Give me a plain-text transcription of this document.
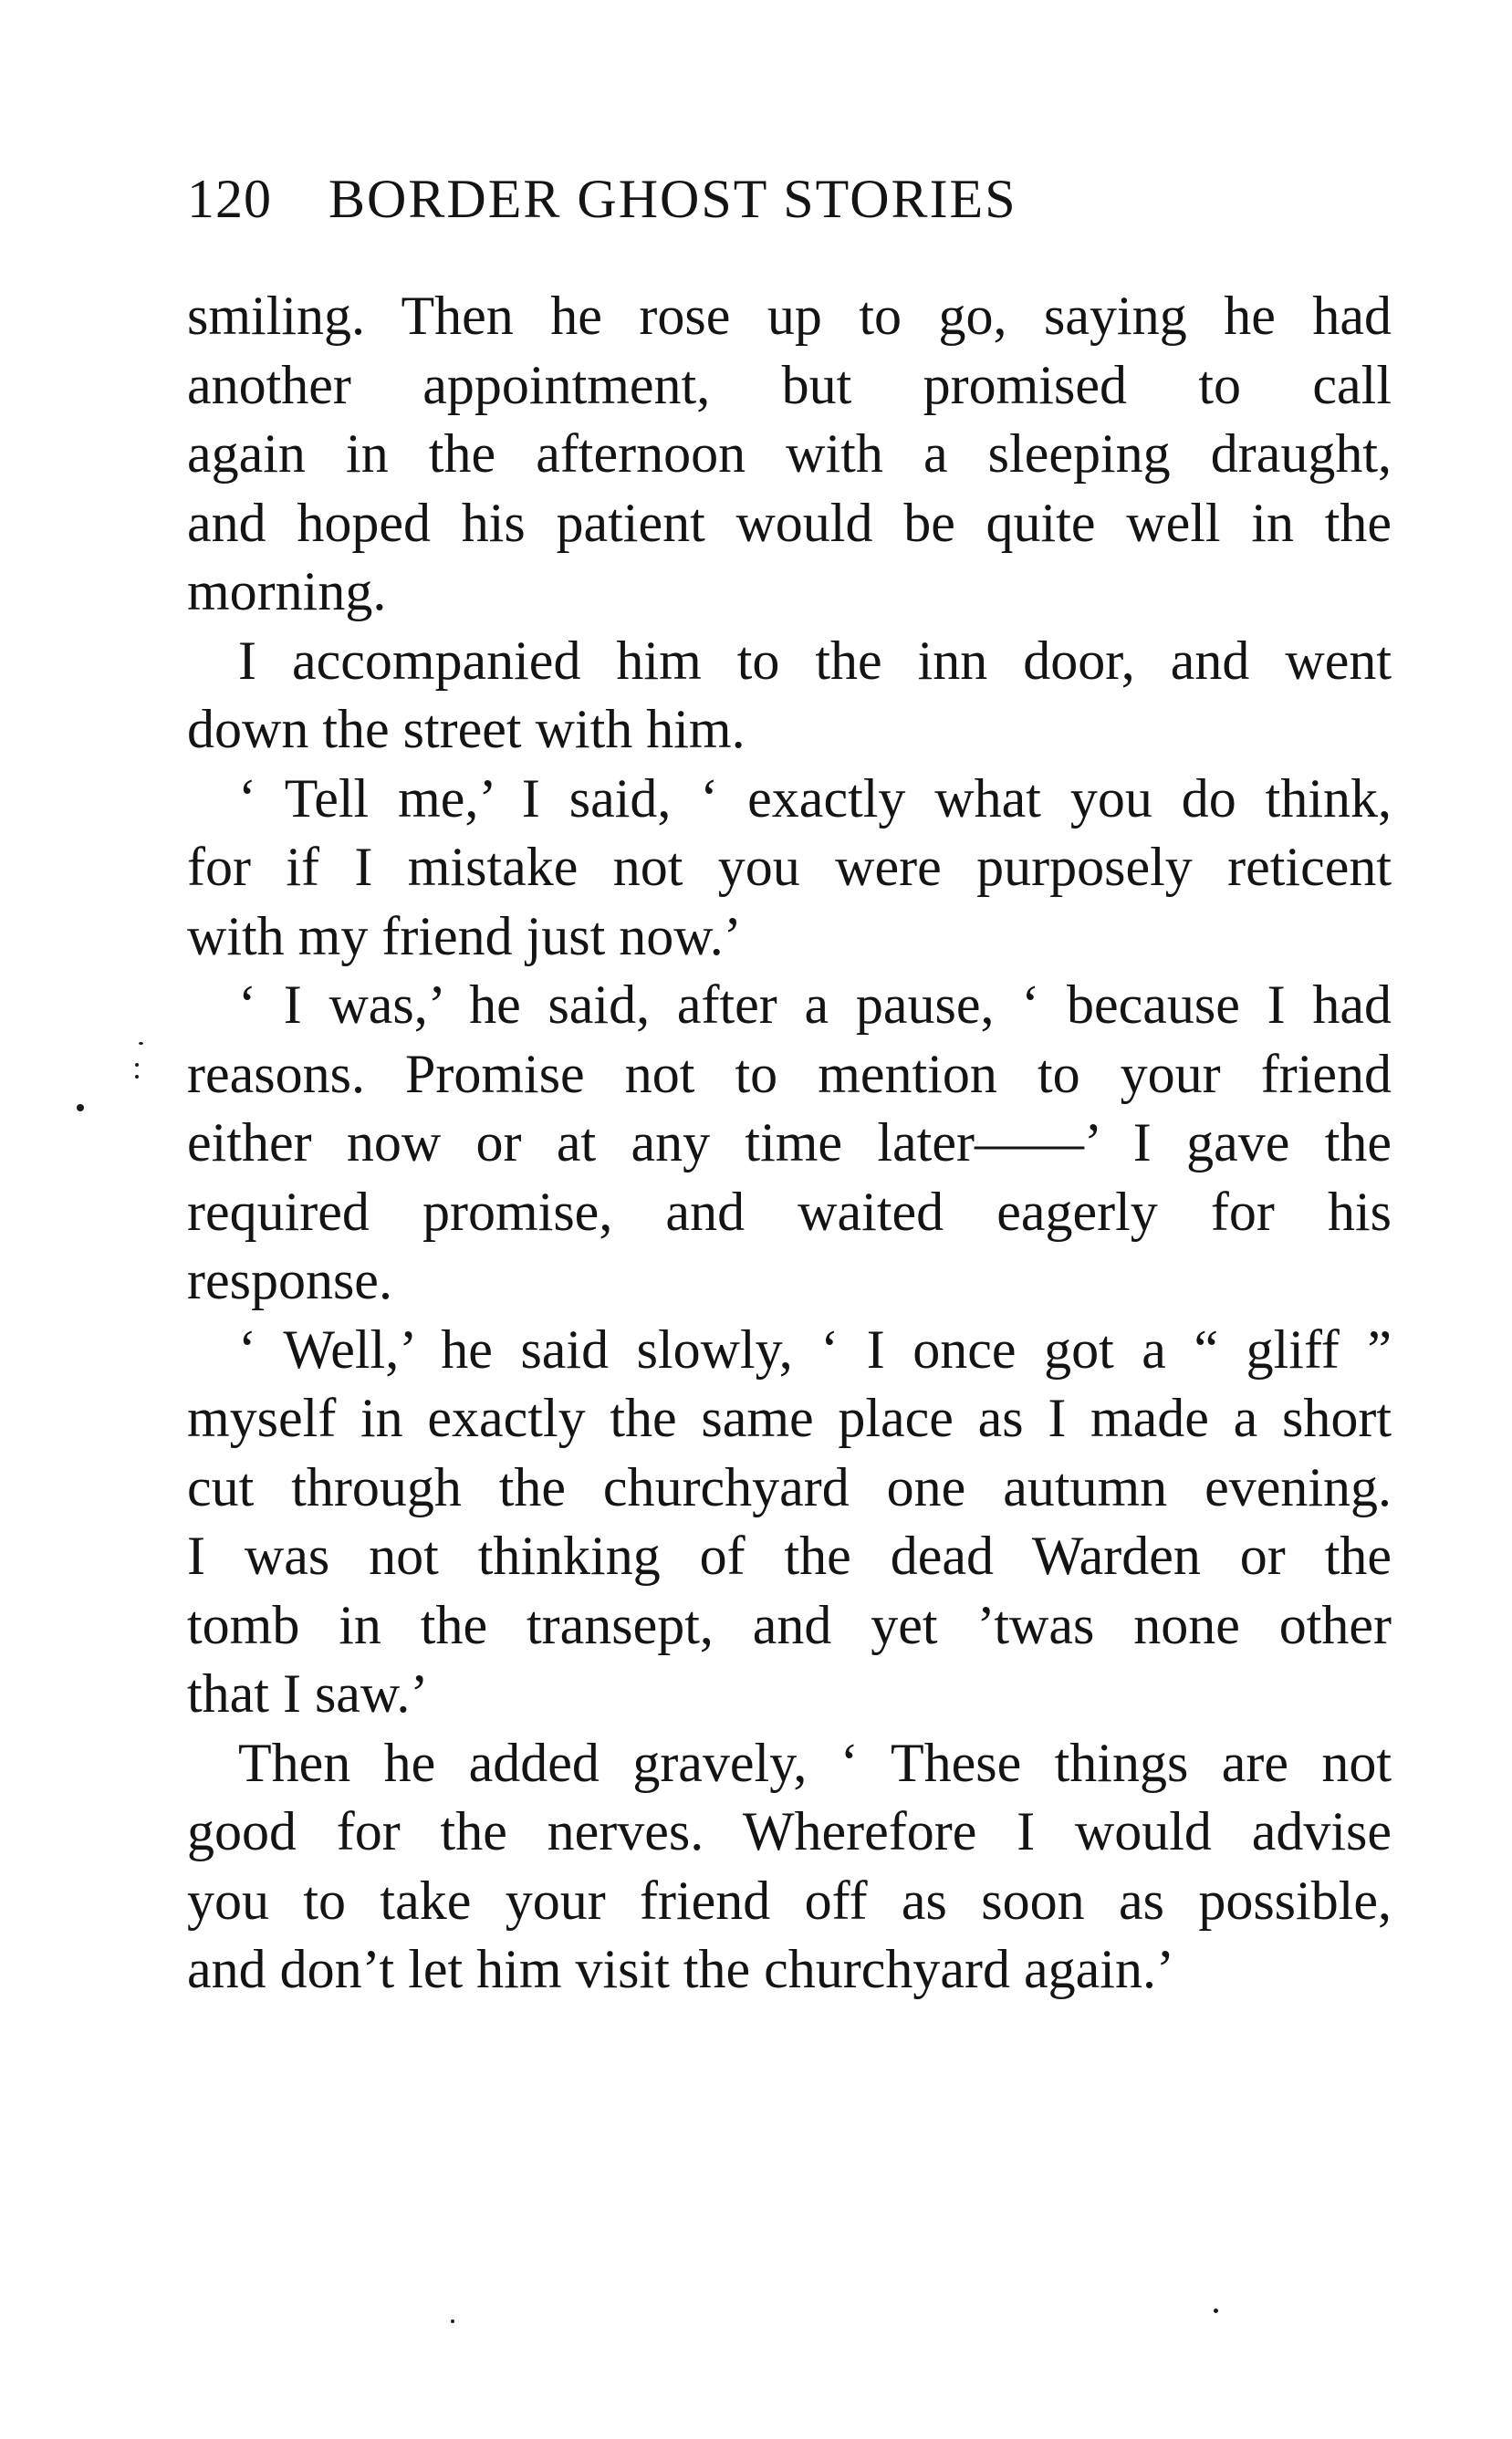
120 BORDER GHOST STORIES
smiling. Then he rose up to go, saying he had
another appointment, but promised to call
again in the afternoon with a sleeping draught,
and hoped his patient would be quite well in the
morning.
I accompanied him to the inn door, and went
down the street with him.
‘ Tell me,’ I said, ‘ exactly what you do think,
for if I mistake not you were purposely reticent
with my friend just now.’
‘ I was,’ he said, after a pause, ‘ because I had
reasons. Promise not to mention to your friend
either now or at any time later——’ I gave the
required promise, and waited eagerly for his
response.
‘ Well,’ he said slowly, ‘ I once got a “ gliff ”
myself in exactly the same place as I made a short
cut through the churchyard one autumn evening.
I was not thinking of the dead Warden or the
tomb in the transept, and yet ’twas none other
that I saw.’
Then he added gravely, ‘ These things are not
good for the nerves. Wherefore I would advise
you to take your friend off as soon as possible,
and don’t let him visit the churchyard again.’
